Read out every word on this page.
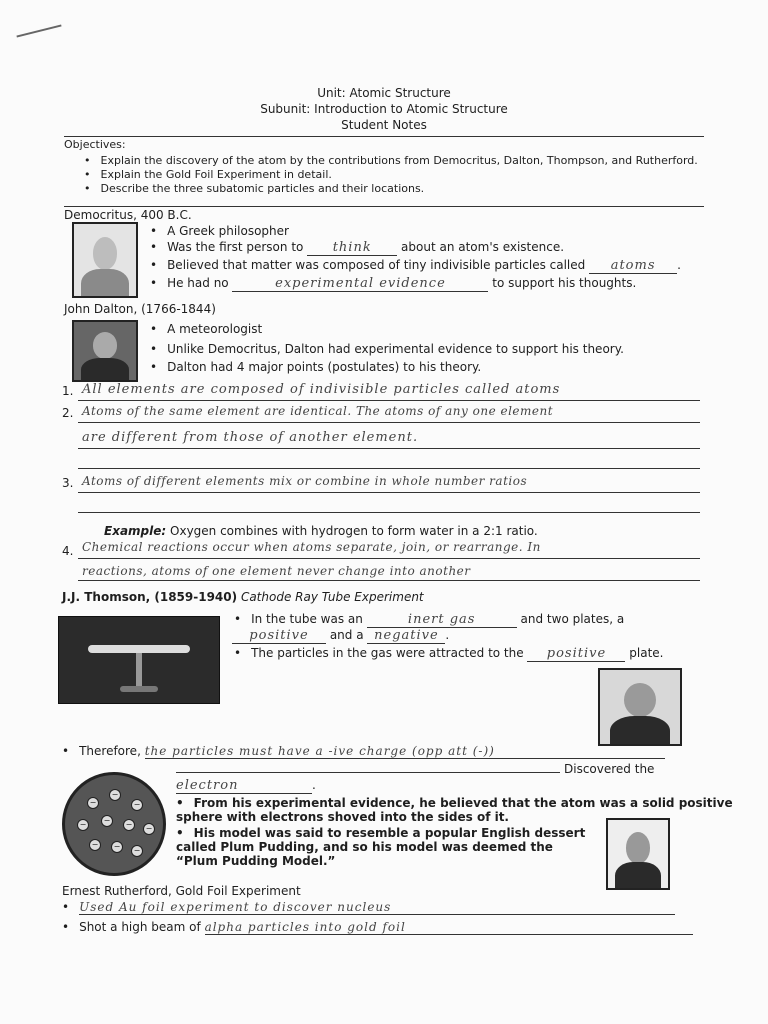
Unit: Atomic Structure
Subunit: Introduction to Atomic Structure
Student Notes
Objectives:
• Explain the discovery of the atom by the contributions from Democritus, Dalton, Thompson, and Rutherford.
• Explain the Gold Foil Experiment in detail.
• Describe the three subatomic particles and their locations.
Democritus, 400 B.C.
• A Greek philosopher
• Was the first person to think about an atom's existence.
• Believed that matter was composed of tiny indivisible particles called atoms .
• He had no	experimental evidence	to support his thoughts.
John Dalton, (1766-1844)
• A meteorologist
• Unlike Democritus, Dalton had experimental evidence to support his theory.
• Dalton had 4 major points (postulates) to his theory.
1. All elements are composed of indivisible particles called atoms
2. Atoms of the same element are identical. The atoms of any one element
are different from those of another element.
3. Atoms of different elements mix or combine in whole number ratios
Example: Oxygen combines with hydrogen to form water in a 2:1 ratio.
4. Chemical reactions occur when atoms separate, join, or rearrange. In
reactions, atoms of one element never change into another
J.J. Thomson, (1859-1940) Cathode Ray Tube Experiment
• In the tube was an	inert gas	and two plates, a
positive and a negative .
• The particles in the gas were attracted to the positive plate.
• Therefore, the particles must have a -ive charge (opp att (-))
Discovered the
electron	.
−
−
−
−	−	−	−
−	−	−
• From his experimental evidence, he believed that the atom was a solid positive
sphere with electrons shoved into the sides of it.
• His model was said to resemble a popular English dessert
called Plum Pudding, and so his model was deemed the
“Plum Pudding Model.”
Ernest Rutherford, Gold Foil Experiment
• Used Au foil experiment to discover nucleus
• Shot a high beam of alpha particles into gold foil
